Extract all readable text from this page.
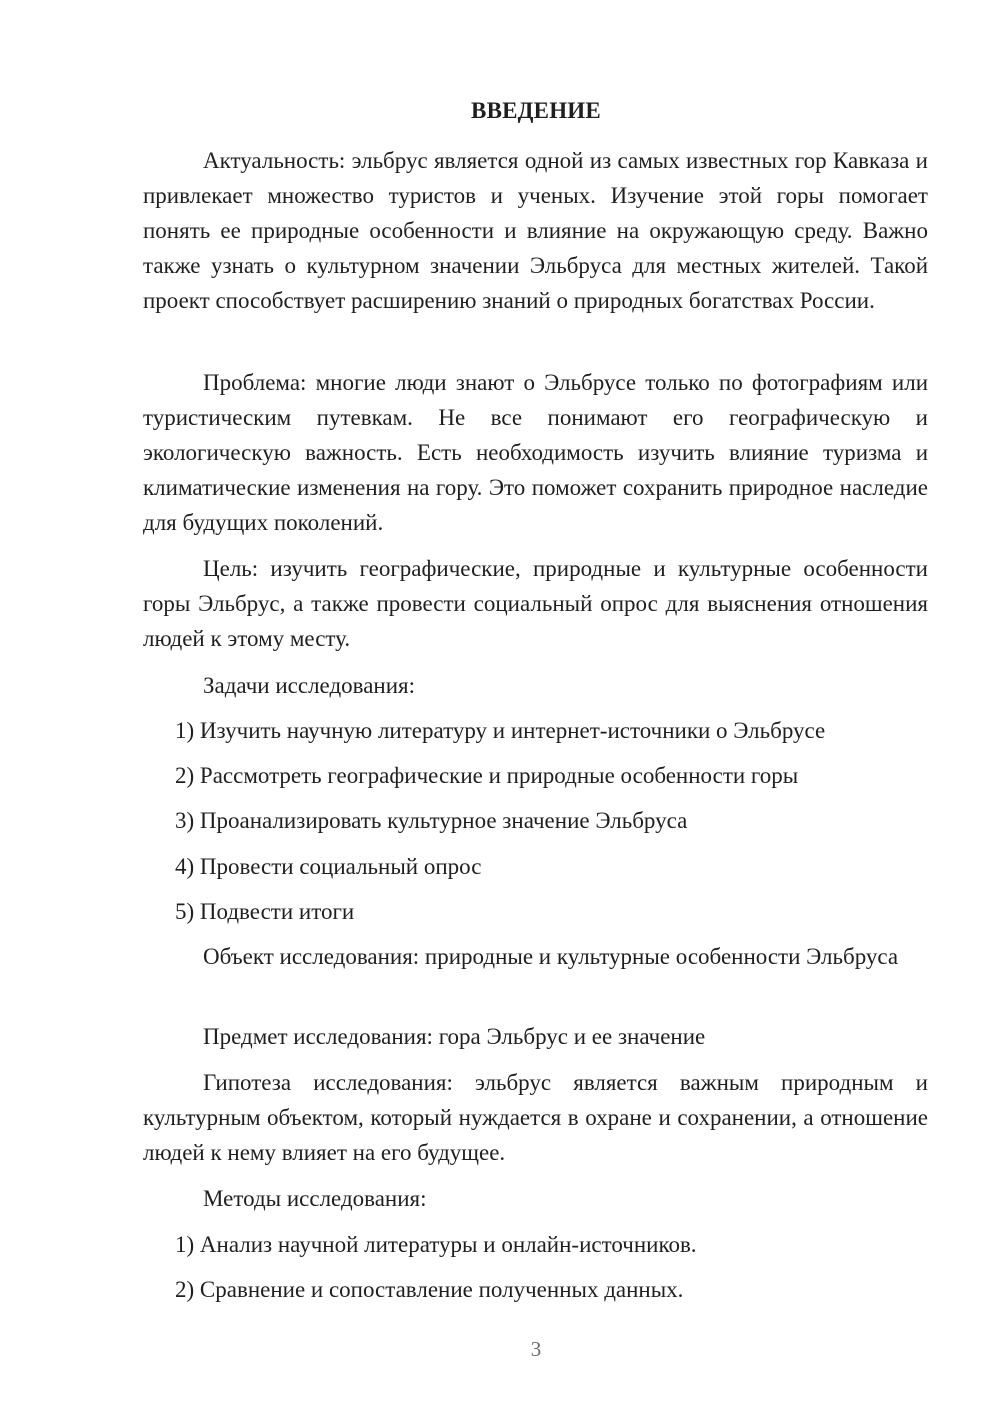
ВВЕДЕНИЕ

Актуальность: эльбрус является одной из самых известных гор Кавказа и привлекает множество туристов и ученых. Изучение этой горы помогает понять ее природные особенности и влияние на окружающую среду. Важно также узнать о культурном значении Эльбруса для местных жителей. Такой проект способствует расширению знаний о природных богатствах России.

Проблема: многие люди знают о Эльбрусе только по фотографиям или туристическим путевкам. Не все понимают его географическую и экологическую важность. Есть необходимость изучить влияние туризма и климатические изменения на гору. Это поможет сохранить природное наследие для будущих поколений.

Цель: изучить географические, природные и культурные особенности горы Эльбрус, а также провести социальный опрос для выяснения отношения людей к этому месту.

Задачи исследования:

1) Изучить научную литературу и интернет-источники о Эльбрусе

2) Рассмотреть географические и природные особенности горы

3) Проанализировать культурное значение Эльбруса

4) Провести социальный опрос

5) Подвести итоги

Объект исследования: природные и культурные особенности Эльбруса

Предмет исследования: гора Эльбрус и ее значение

Гипотеза исследования: эльбрус является важным природным и культурным объектом, который нуждается в охране и сохранении, а отношение людей к нему влияет на его будущее.

Методы исследования:

1) Анализ научной литературы и онлайн-источников.

2) Сравнение и сопоставление полученных данных.

3
